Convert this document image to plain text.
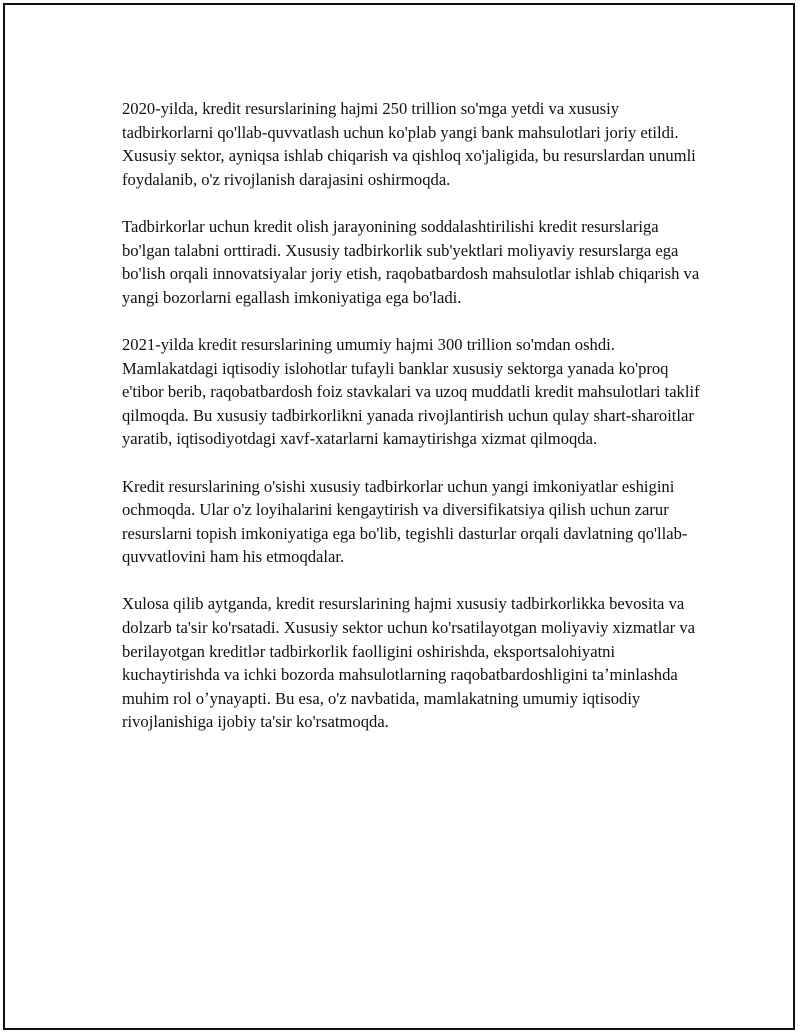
2020-yilda, kredit resurslarining hajmi 250 trillion so'mga yetdi va xususiy tadbirkorlarni qo'llab-quvvatlash uchun ko'plab yangi bank mahsulotlari joriy etildi. Xususiy sektor, ayniqsa ishlab chiqarish va qishloq xo'jaligida, bu resurslardan unumli foydalanib, o'z rivojlanish darajasini oshirmoqda.

Tadbirkorlar uchun kredit olish jarayonining soddalashtirilishi kredit resurslariga bo'lgan talabni orttiradi. Xususiy tadbirkorlik sub'yektlari moliyaviy resurslarga ega bo'lish orqali innovatsiyalar joriy etish, raqobatbardosh mahsulotlar ishlab chiqarish va yangi bozorlarni egallash imkoniyatiga ega bo'ladi.

2021-yilda kredit resurslarining umumiy hajmi 300 trillion so'mdan oshdi. Mamlakatdagi iqtisodiy islohotlar tufayli banklar xususiy sektorga yanada ko'proq e'tibor berib, raqobatbardosh foiz stavkalari va uzoq muddatli kredit mahsulotlari taklif qilmoqda. Bu xususiy tadbirkorlikni yanada rivojlantirish uchun qulay shart-sharoitlar yaratib, iqtisodiyotdagi xavf-xatarlarni kamaytirishga xizmat qilmoqda.

Kredit resurslarining o'sishi xususiy tadbirkorlar uchun yangi imkoniyatlar eshigini ochmoqda. Ular o'z loyihalarini kengaytirish va diversifikatsiya qilish uchun zarur resurslarni topish imkoniyatiga ega bo'lib, tegishli dasturlar orqali davlatning qo'llab-quvvatlovini ham his etmoqdalar.

Xulosa qilib aytganda, kredit resurslarining hajmi xususiy tadbirkorlikka bevosita va dolzarb ta'sir ko'rsatadi. Xususiy sektor uchun ko'rsatilayotgan moliyaviy xizmatlar va berilayotgan kreditlər tadbirkorlik faolligini oshirishda, eksportsalohiyatni kuchaytirishda va ichki bozorda mahsulotlarning raqobatbardoshligini taʼminlashda muhim rol oʼynayapti. Bu esa, o'z navbatida, mamlakatning umumiy iqtisodiy rivojlanishiga ijobiy ta'sir ko'rsatmoqda.
